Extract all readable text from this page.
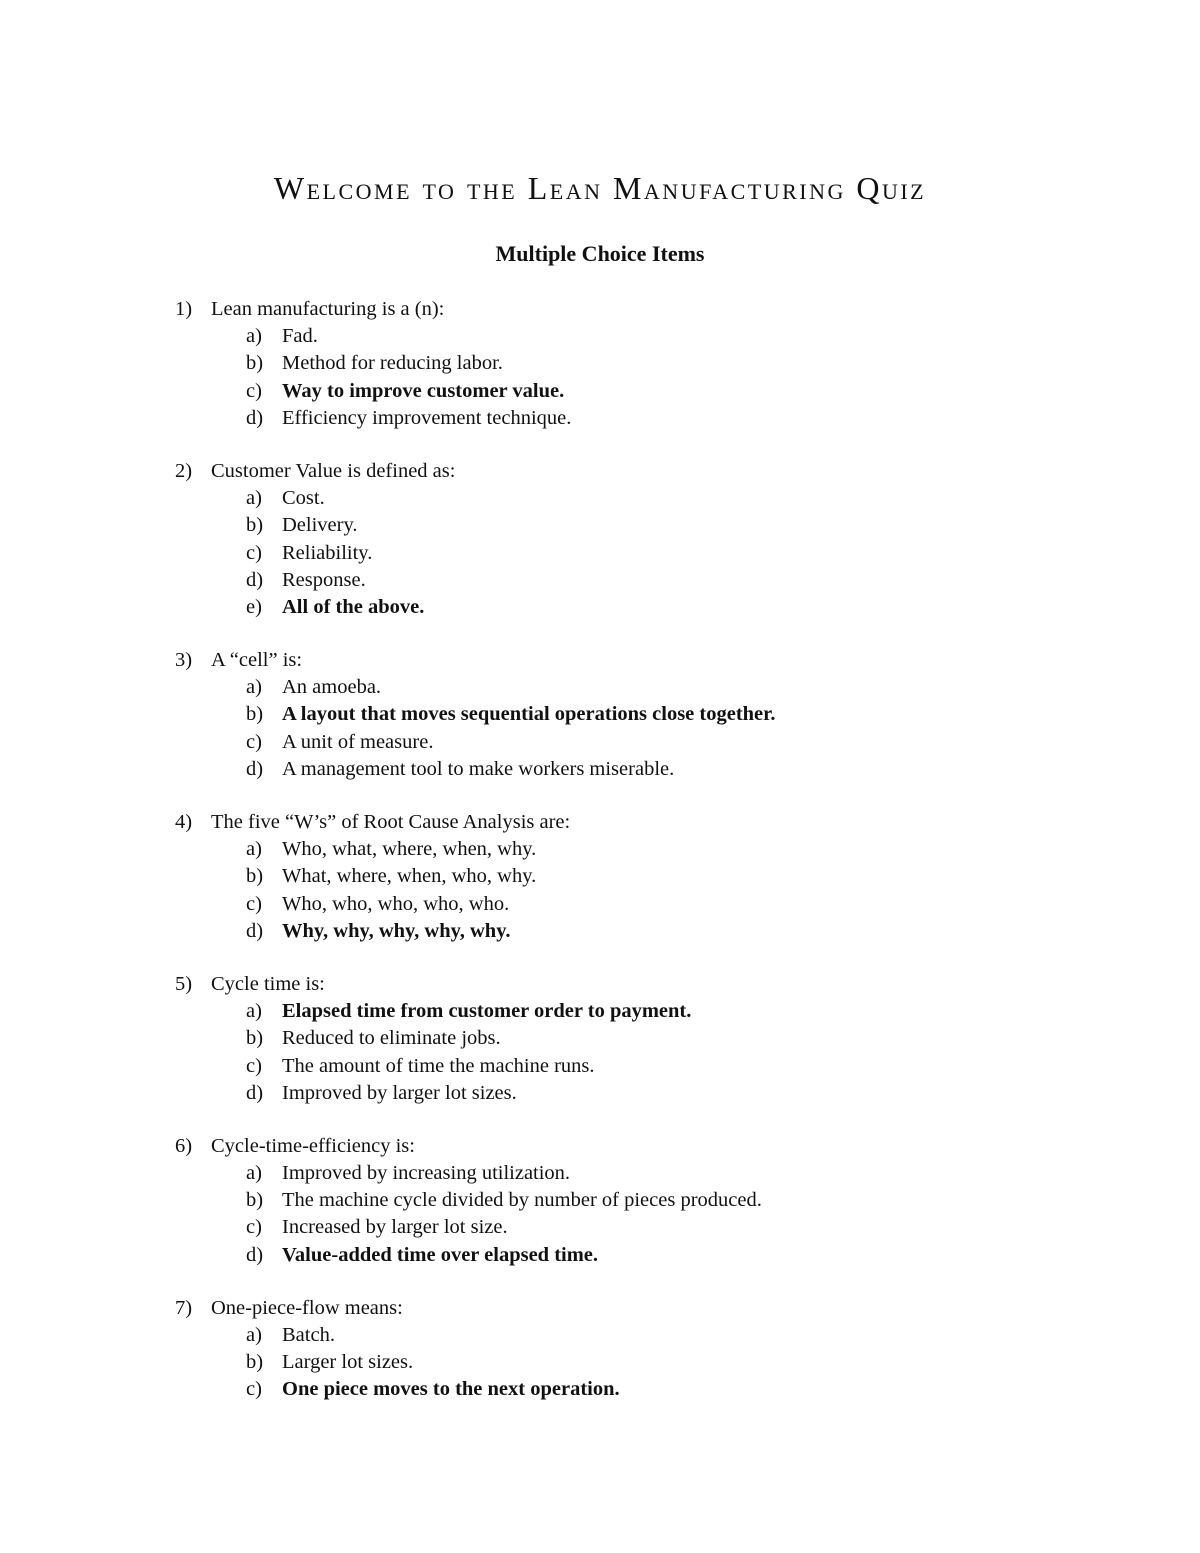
Welcome to the Lean Manufacturing Quiz
Multiple Choice Items
1) Lean manufacturing is a (n):
a) Fad.
b) Method for reducing labor.
c) Way to improve customer value.
d) Efficiency improvement technique.
2) Customer Value is defined as:
a) Cost.
b) Delivery.
c) Reliability.
d) Response.
e) All of the above.
3) A “cell” is:
a) An amoeba.
b) A layout that moves sequential operations close together.
c) A unit of measure.
d) A management tool to make workers miserable.
4) The five “W’s” of Root Cause Analysis are:
a) Who, what, where, when, why.
b) What, where, when, who, why.
c) Who, who, who, who, who.
d) Why, why, why, why, why.
5) Cycle time is:
a) Elapsed time from customer order to payment.
b) Reduced to eliminate jobs.
c) The amount of time the machine runs.
d) Improved by larger lot sizes.
6) Cycle-time-efficiency is:
a) Improved by increasing utilization.
b) The machine cycle divided by number of pieces produced.
c) Increased by larger lot size.
d) Value-added time over elapsed time.
7) One-piece-flow means:
a) Batch.
b) Larger lot sizes.
c) One piece moves to the next operation.
